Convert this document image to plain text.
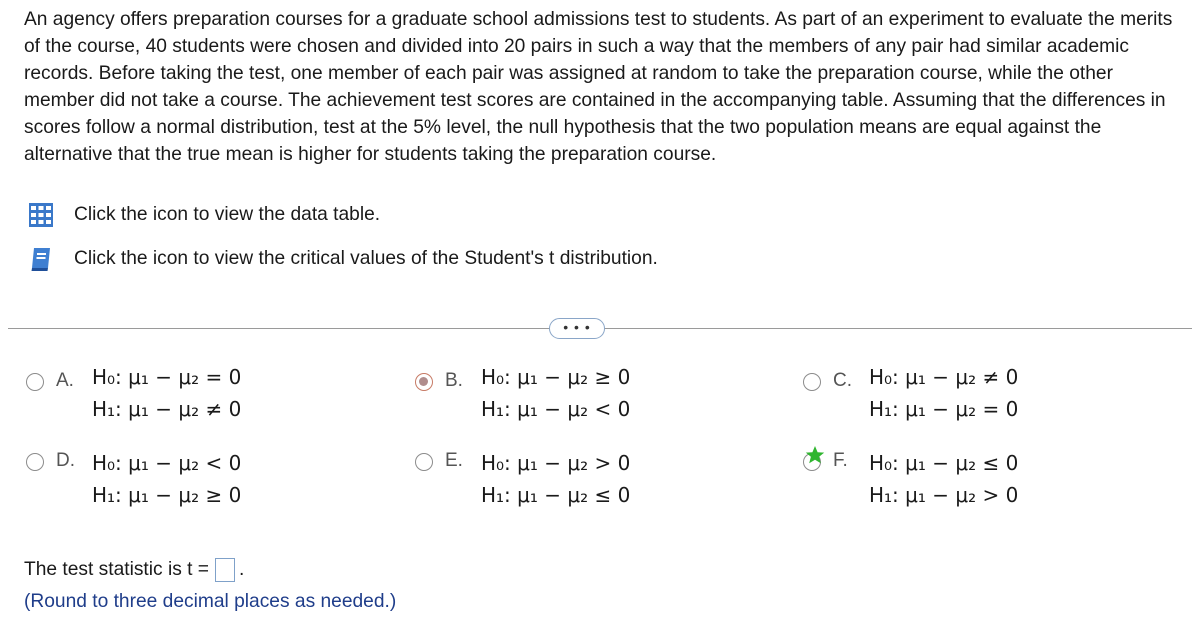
An agency offers preparation courses for a graduate school admissions test to students. As part of an experiment to evaluate the merits of the course, 40 students were chosen and divided into 20 pairs in such a way that the members of any pair had similar academic records. Before taking the test, one member of each pair was assigned at random to take the preparation course, while the other member did not take a course. The achievement test scores are contained in the accompanying table. Assuming that the differences in scores follow a normal distribution, test at the 5% level, the null hypothesis that the two population means are equal against the alternative that the true mean is higher for students taking the preparation course.
Click the icon to view the data table.
Click the icon to view the critical values of the Student's t distribution.
• • •
A. H₀: μ₁ − μ₂ = 0
H₁: μ₁ − μ₂ ≠ 0
B. H₀: μ₁ − μ₂ ≥ 0
H₁: μ₁ − μ₂ < 0
C. H₀: μ₁ − μ₂ ≠ 0
H₁: μ₁ − μ₂ = 0
D. H₀: μ₁ − μ₂ < 0
H₁: μ₁ − μ₂ ≥ 0
E. H₀: μ₁ − μ₂ > 0
H₁: μ₁ − μ₂ ≤ 0
F.	H₀: μ₁ − μ₂ ≤ 0
H₁: μ₁ − μ₂ > 0
The test statistic is t = .
(Round to three decimal places as needed.)
